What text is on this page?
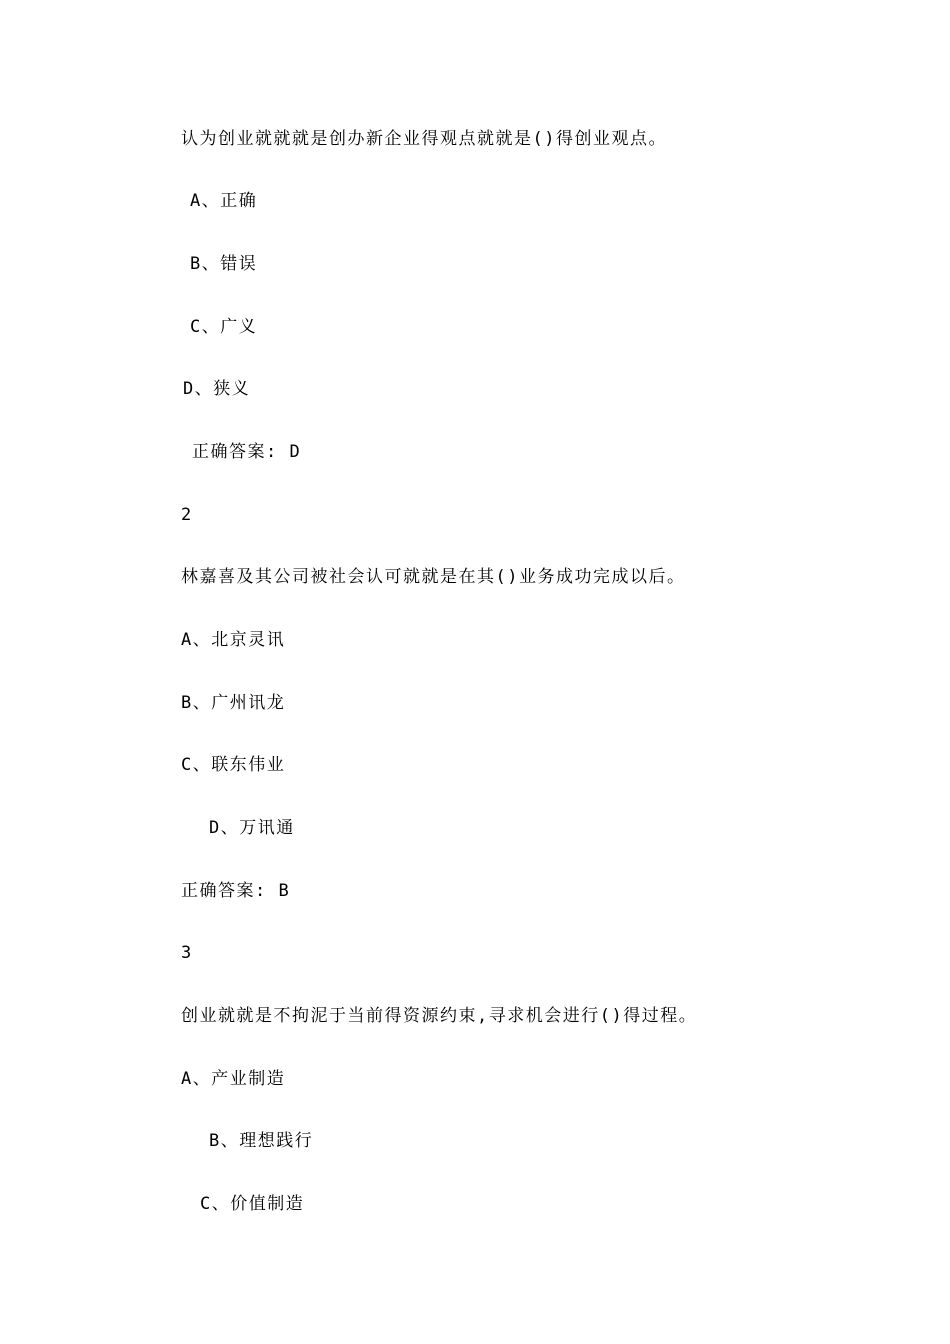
认为创业就就就是创办新企业得观点就就是()得创业观点。
A、正确
B、错误
C、广义
D、狭义
正确答案: D
2
林嘉喜及其公司被社会认可就就是在其()业务成功完成以后。
A、北京灵讯
B、广州讯龙
C、联东伟业
D、万讯通
正确答案: B
3
创业就就是不拘泥于当前得资源约束,寻求机会进行()得过程。
A、产业制造
B、理想践行
C、价值制造
